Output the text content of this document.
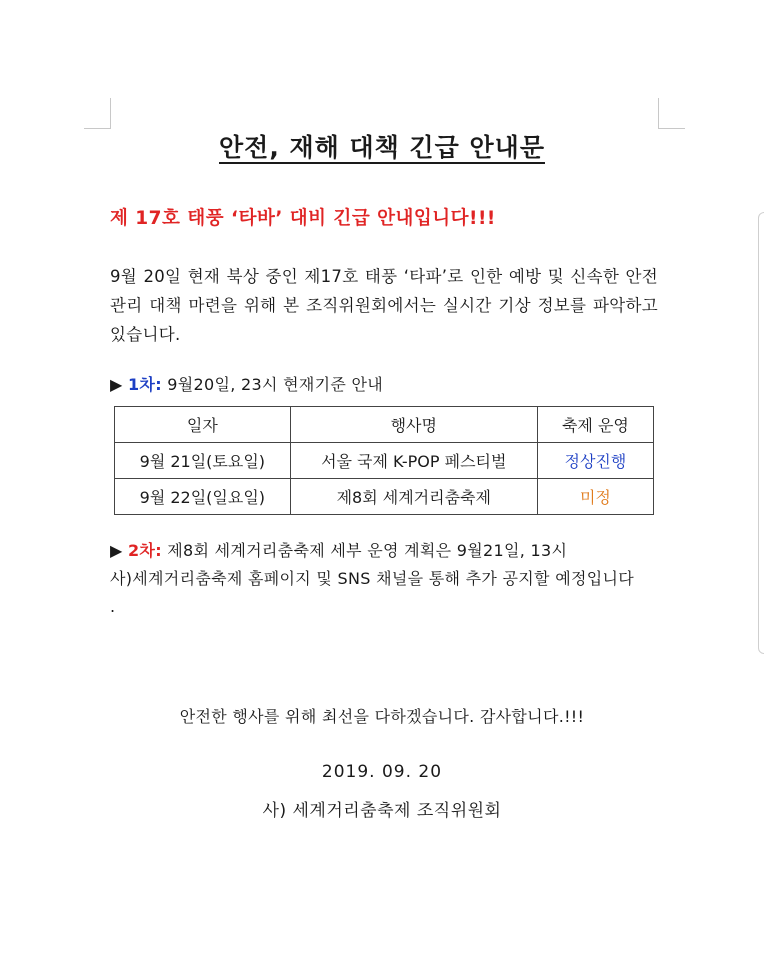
안전, 재해 대책 긴급 안내문
제 17호 태풍 ‘타바’ 대비 긴급 안내입니다!!!
9월 20일 현재 북상 중인 제17호 태풍 ‘타파’로 인한 예방 및 신속한 안전 관리 대책 마련을 위해 본 조직위원회에서는 실시간 기상 정보를 파악하고 있습니다.
▶ 1차: 9월20일, 23시 현재기준 안내
일자	행사명	축제 운영
9월 21일(토요일)	서울 국제 K-POP 페스티벌	정상진행
9월 22일(일요일)	제8회 세계거리춤축제	미정
▶ 2차: 제8회 세계거리춤축제 세부 운영 계획은 9월21일, 13시
사)세계거리춤축제 홈페이지 및 SNS 채널을 통해 추가 공지할 예정입니다
.
안전한 행사를 위해 최선을 다하겠습니다. 감사합니다.!!!
2019. 09. 20
사) 세계거리춤축제 조직위원회
